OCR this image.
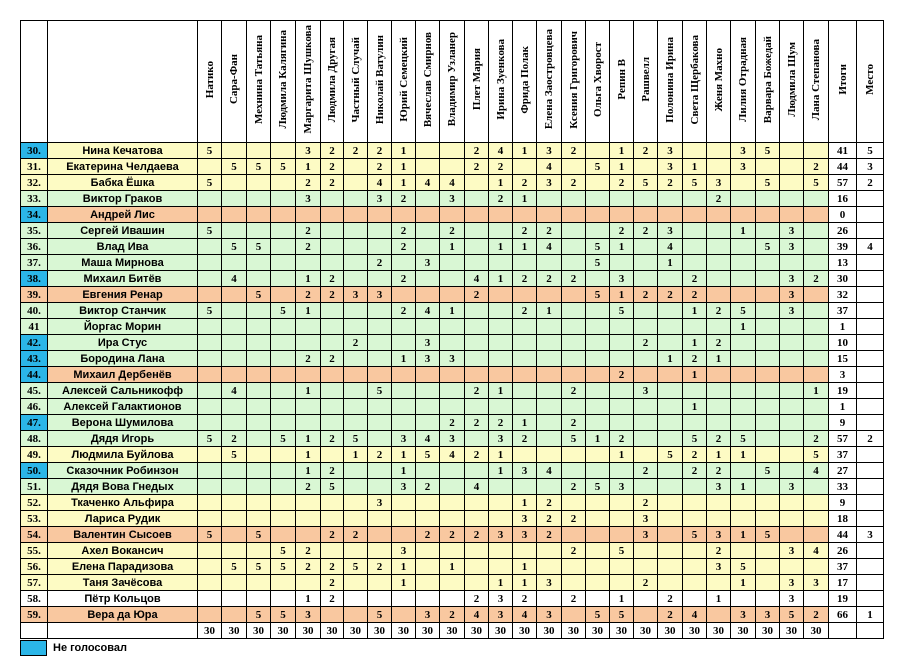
		Натико	Сара-Фан	Мехнина Татьяна	Людмила Калягина	Маргарита Шушкова	Людмила Другая	Частный Случай	Николай Ватулин	Юрий Семецкий	Вячеслав Смирнов	Владимир Узланер	Плет Мария	Ирина Зуенкова	Фрида Полак	Елена Заостровцева	Ксения Григорович	Ольга Хворост	Репин В	Рашвелл	Полонина Ирина	Света Щербакова	Женя Махно	Лилия Отрадная	Варвара Божедай	Людмила Шум	Лана Степанова	Итоги	Место
30.	Нина Кечатова	5				3	2	2	2	1			2	4	1	3	2		1	2	3			3	5			41	5
31.	Екатерина Челдаева		5	5	5	1	2		2	1			2	2		4		5	1		3	1		3			2	44	3
32.	Бабка Ёшка	5				2	2		4	1	4	4		1	2	3	2		2	5	2	5	3		5		5	57	2
33.	Виктор Граков					3			3	2		3		2	1								2					16	
34.	Андрей Лис																											0	
35.	Сергей Ивашин	5				2				2		2			2	2			2	2	3			1		3		26	
36.	Влад Ива		5	5		2				2		1		1	1	4		5	1		4				5	3		39	4
37.	Маша Мирнова								2		3							5			1							13	
38.	Михаил Битёв		4			1	2			2			4	1	2	2	2		3			2				3	2	30	
39.	Евгения Ренар			5		2	2	3	3				2					5	1	2	2	2				3		32	
40.	Виктор Станчик	5			5	1				2	4	1			2	1			5			1	2	5		3		37	
41	Йоргас Морин																							1				1	
42.	Ира Стус							2			3									2		1	2					10	
43.	Бородина Лана					2	2			1	3	3									1	2	1					15	
44.	Михаил Дербенёв																		2			1						3	
45.	Алексей Сальникофф		4			1			5				2	1			2			3							1	19	
46.	Алексей Галактионов																					1						1	
47.	Верона Шумилова											2	2	2	1		2											9	
48.	Дядя Игорь	5	2		5	1	2	5		3	4	3		3	2		5	1	2			5	2	5			2	57	2
49.	Людмила Буйлова		5			1		1	2	1	5	4	2	1					1		5	2	1	1			5	37	
50.	Сказочник Робинзон					1	2			1				1	3	4				2		2	2		5		4	27	
51.	Дядя Вова Гнедых					2	5			3	2		4				2	5	3				3	1		3		33	
52.	Ткаченко Альфира								3						1	2				2								9	
53.	Лариса Рудик														3	2	2			3								18	
54.	Валентин Сысоев	5		5			2	2			2	2	2	3	3	2				3		5	3	1	5			44	3
55.	Ахел Вокансич				5	2				3							2		5				2			3	4	26	
56.	Елена Парадизова		5	5	5	2	2	5	2	1		1			1								3	5				37	
57.	Таня Зачёсова						2			1				1	1	3				2				1		3	3	17	
58.	Пётр Кольцов					1	2						2	3	2		2		1		2		1			3		19	
59.	Вера да Юра			5	5	3			5		3	2	4	3	4	3		5	5		2	4		3	3	5	2	66	1
		30	30	30	30	30	30	30	30	30	30	30	30	30	30	30	30	30	30	30	30	30	30	30	30	30	30		
Не голосовал
